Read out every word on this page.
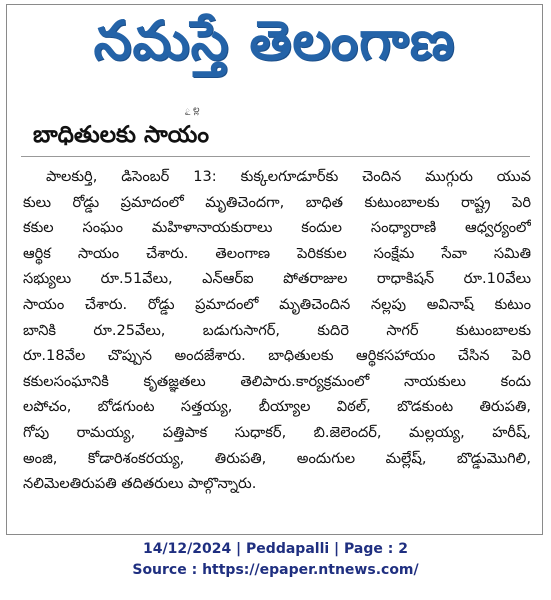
నమస్తే తెలంగాణ
ౖ ల్ల
బాధితులకు సాయం
పాలకుర్తి, డిసెంబర్ 13: కుక్కలగూడూర్‌కు చెందిన ముగ్గురు యువ
కులు రోడ్డు ప్రమాదంలో మృతిచెందగా, బాధిత కుటుంబాలకు రాష్ట్ర పెరి
కకుల సంఘం మహిళానాయకురాలు కందుల సంధ్యారాణి ఆధ్వర్యంలో
ఆర్థిక సాయం చేశారు. తెలంగాణ పెరికకుల సంక్షేమ సేవా సమితి
సభ్యులు రూ.51వేలు, ఎన్‌ఆర్‌ఐ పోతరాజుల రాధాకిషన్ రూ.10వేలు
సాయం చేశారు. రోడ్డు ప్రమాదంలో మృతిచెందిన నల్లపు అవినాష్ కుటుం
బానికి రూ.25వేలు, బడుగుసాగర్, కుదిరె సాగర్ కుటుంబాలకు
రూ.18వేల చొప్పున అందజేశారు. బాధితులకు ఆర్థికసహాయం చేసిన పెరి
కకులసంఘానికి కృతజ్ఞతలు తెలిపారు.కార్యక్రమంలో నాయకులు కందు
లపోచం, బోడగుంట సత్తయ్య, బీయ్యాల విఠల్, బొడకుంట తిరుపతి,
గోపు రామయ్య, పత్తిపాక సుధాకర్, బి.జెలెందర్, మల్లయ్య, హరీష్,
అంజి, కోడారిశంకరయ్య, తిరుపతి, అందుగుల మల్లేష్, బొడ్డుమొగిలి,
నలిమెలతిరుపతి తదితరులు పాల్గొన్నారు.
14/12/2024 | Peddapalli | Page : 2
Source : https://epaper.ntnews.com/
